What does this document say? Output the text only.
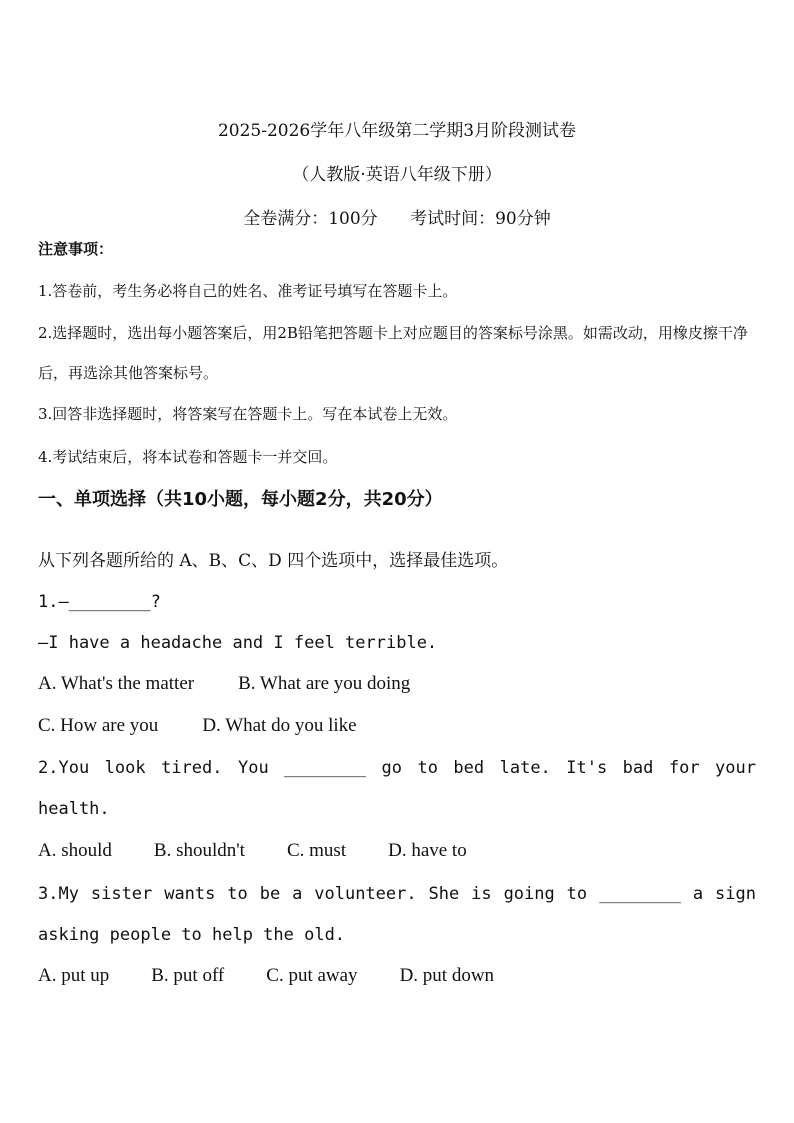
2025-2026学年八年级第二学期3月阶段测试卷
（人教版·英语八年级下册）
全卷满分：100分      考试时间：90分钟
注意事项：
1.答卷前，考生务必将自己的姓名、准考证号填写在答题卡上。
2.选择题时，选出每小题答案后，用2B铅笔把答题卡上对应题目的答案标号涂黑。如需改动，用橡皮擦干净后，再选涂其他答案标号。
3.回答非选择题时，将答案写在答题卡上。写在本试卷上无效。
4.考试结束后，将本试卷和答题卡一并交回。
一、单项选择（共10小题，每小题2分，共20分）
从下列各题所给的 A、B、C、D 四个选项中，选择最佳选项。
1.—________?
—I have a headache and I feel terrible.
A. What's the matter B. What are you doing
C. How are you D. What do you like
2.You look tired. You ________ go to bed late. It's bad for your health.
A. should B. shouldn't C. must D. have to
3.My sister wants to be a volunteer. She is going to ________ a sign asking people to help the old.
A. put up B. put off C. put away D. put down
